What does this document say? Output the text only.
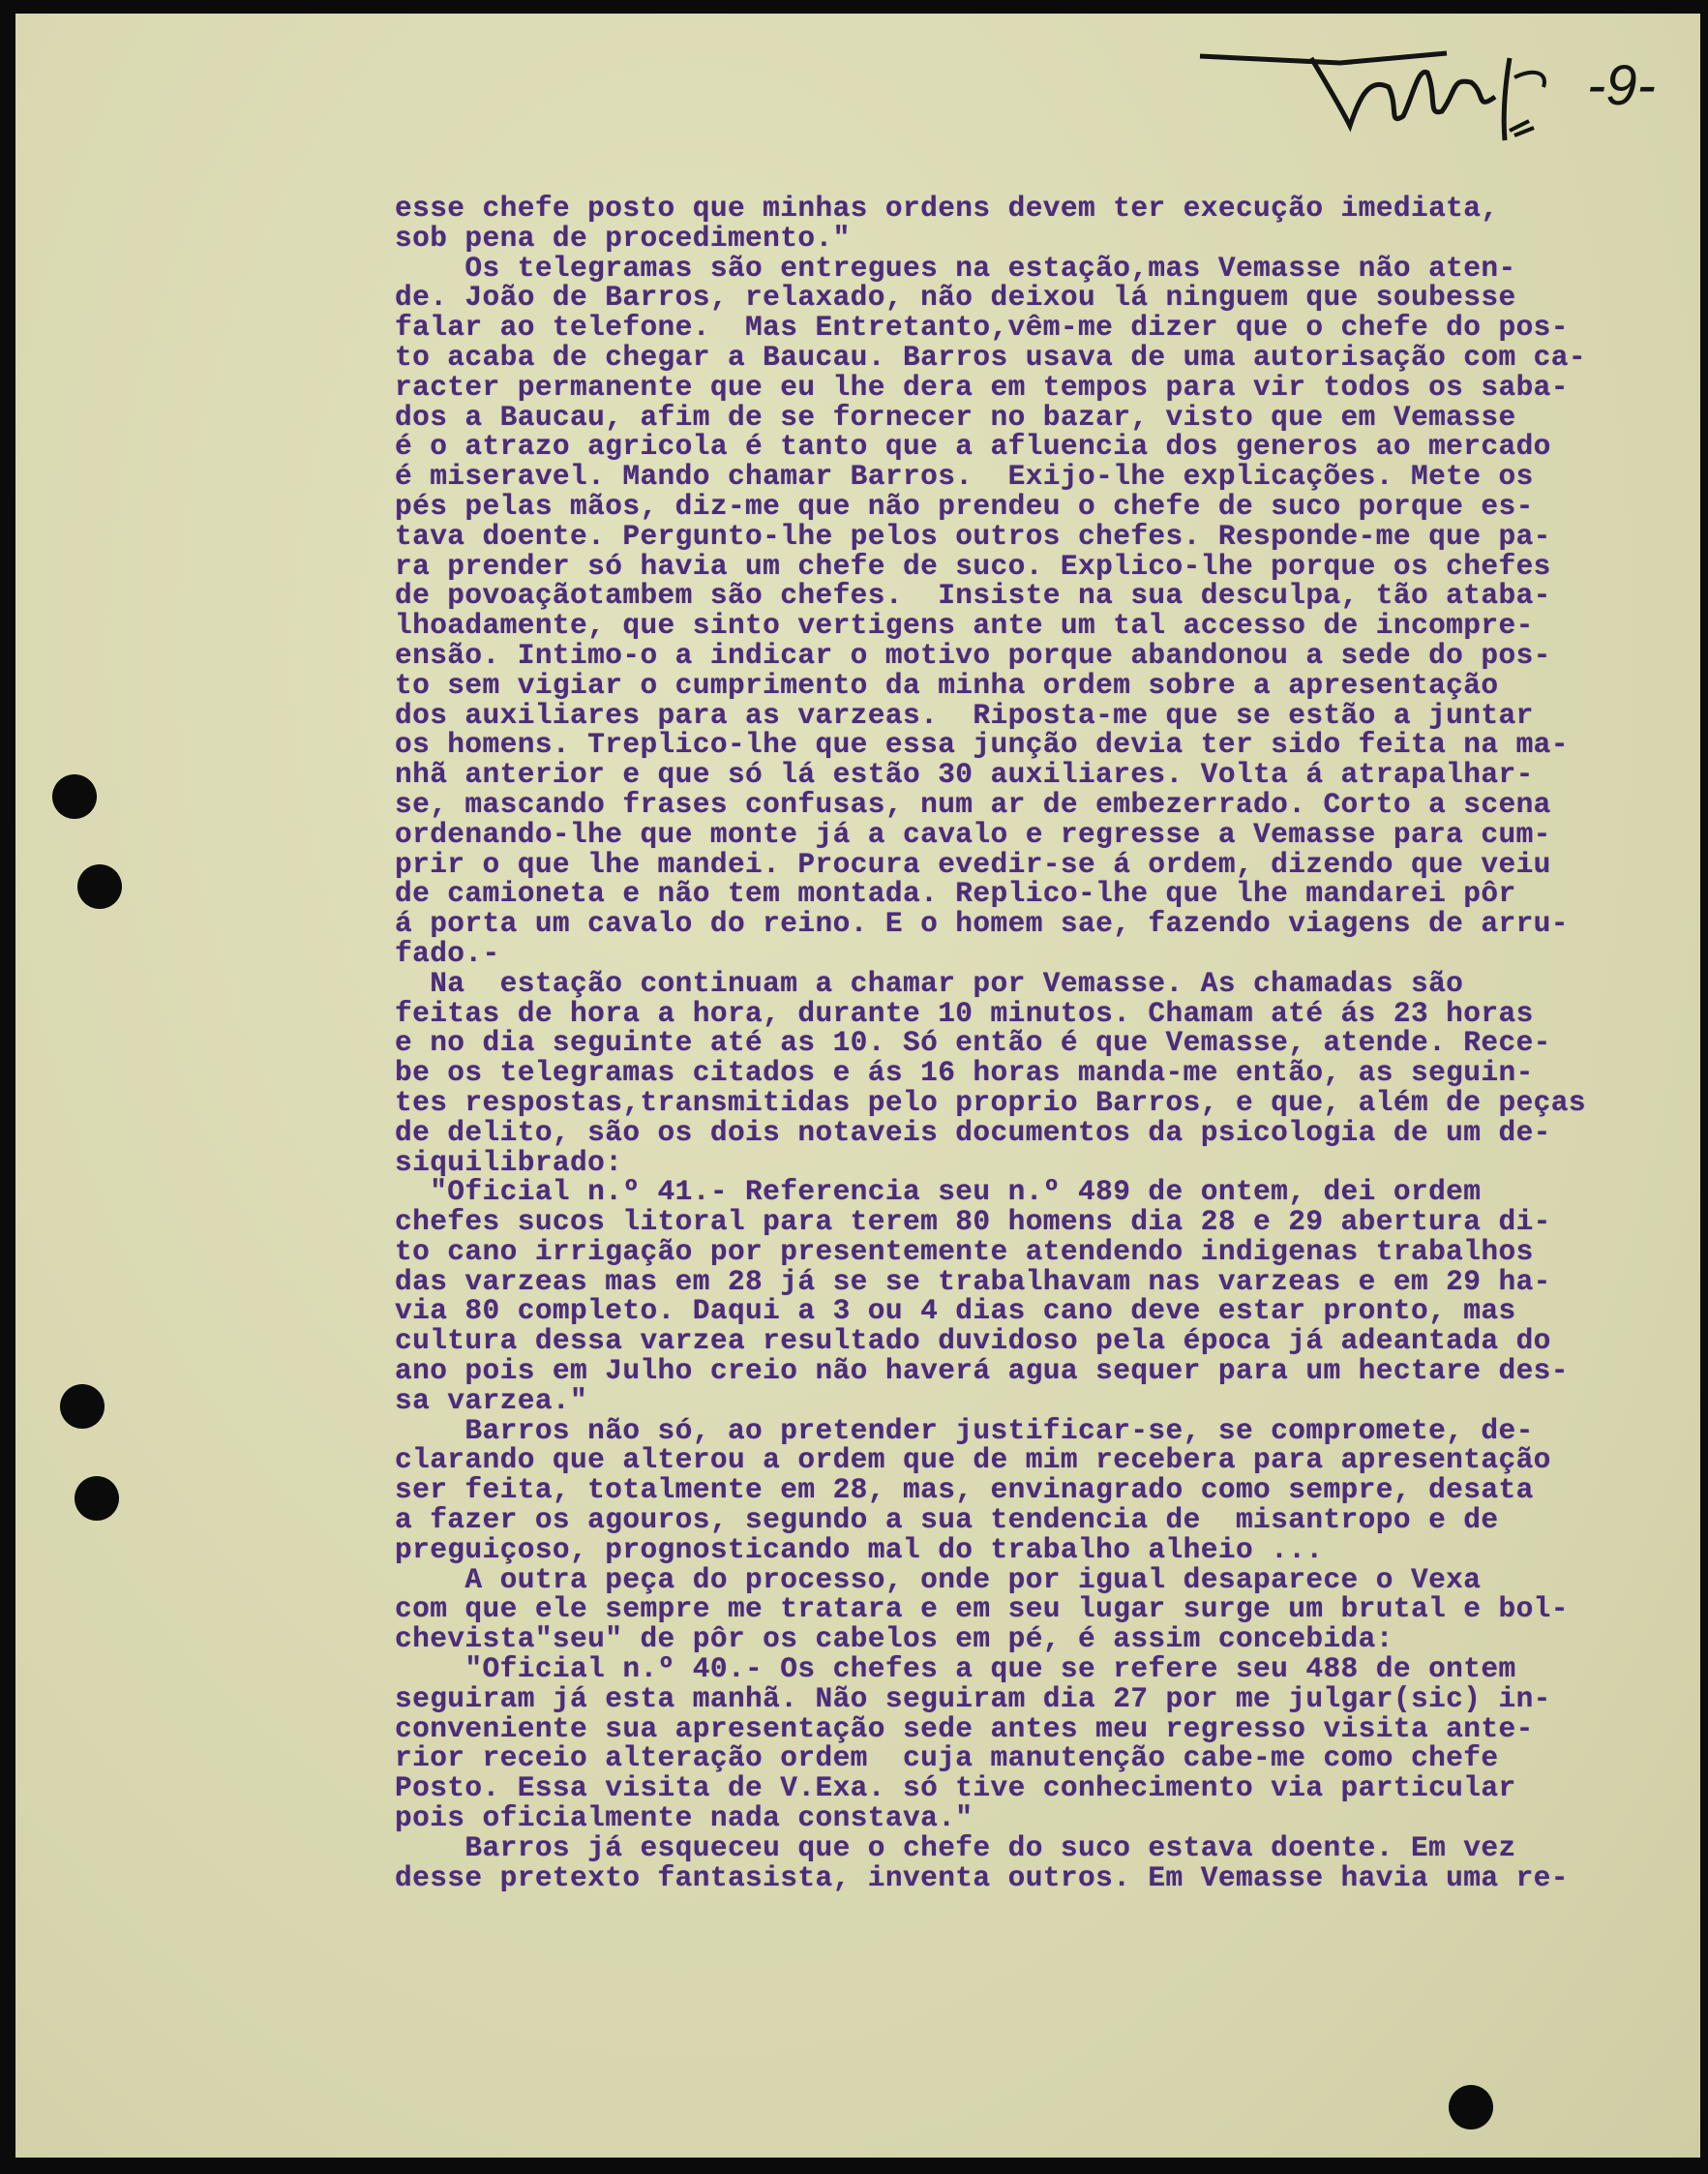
-9-
esse chefe posto que minhas ordens devem ter execução imediata,
sob pena de procedimento."
Os telegramas são entregues na estação,mas Vemasse não aten-
de. João de Barros, relaxado, não deixou lá ninguem que soubesse
falar ao telefone.  Mas Entretanto,vêm-me dizer que o chefe do pos-
to acaba de chegar a Baucau. Barros usava de uma autorisação com ca-
racter permanente que eu lhe dera em tempos para vir todos os saba-
dos a Baucau, afim de se fornecer no bazar, visto que em Vemasse
é o atrazo agricola é tanto que a afluencia dos generos ao mercado
é miseravel. Mando chamar Barros.  Exijo-lhe explicações. Mete os
pés pelas mãos, diz-me que não prendeu o chefe de suco porque es-
tava doente. Pergunto-lhe pelos outros chefes. Responde-me que pa-
ra prender só havia um chefe de suco. Explico-lhe porque os chefes
de povoaçãotambem são chefes.  Insiste na sua desculpa, tão ataba-
lhoadamente, que sinto vertigens ante um tal accesso de incompre-
ensão. Intimo-o a indicar o motivo porque abandonou a sede do pos-
to sem vigiar o cumprimento da minha ordem sobre a apresentação
dos auxiliares para as varzeas.  Riposta-me que se estão a juntar
os homens. Treplico-lhe que essa junção devia ter sido feita na ma-
nhã anterior e que só lá estão 30 auxiliares. Volta á atrapalhar-
se, mascando frases confusas, num ar de embezerrado. Corto a scena
ordenando-lhe que monte já a cavalo e regresse a Vemasse para cum-
prir o que lhe mandei. Procura evedir-se á ordem, dizendo que veiu
de camioneta e não tem montada. Replico-lhe que lhe mandarei pôr
á porta um cavalo do reino. E o homem sae, fazendo viagens de arru-
fado.-
Na  estação continuam a chamar por Vemasse. As chamadas são
feitas de hora a hora, durante 10 minutos. Chamam até ás 23 horas
e no dia seguinte até as 10. Só então é que Vemasse, atende. Rece-
be os telegramas citados e ás 16 horas manda-me então, as seguin-
tes respostas,transmitidas pelo proprio Barros, e que, além de peças
de delito, são os dois notaveis documentos da psicologia de um de-
siquilibrado:
"Oficial n.º 41.- Referencia seu n.º 489 de ontem, dei ordem
chefes sucos litoral para terem 80 homens dia 28 e 29 abertura di-
to cano irrigação por presentemente atendendo indigenas trabalhos
das varzeas mas em 28 já se se trabalhavam nas varzeas e em 29 ha-
via 80 completo. Daqui a 3 ou 4 dias cano deve estar pronto, mas
cultura dessa varzea resultado duvidoso pela época já adeantada do
ano pois em Julho creio não haverá agua sequer para um hectare des-
sa varzea."
Barros não só, ao pretender justificar-se, se compromete, de-
clarando que alterou a ordem que de mim recebera para apresentação
ser feita, totalmente em 28, mas, envinagrado como sempre, desata
a fazer os agouros, segundo a sua tendencia de  misantropo e de
preguiçoso, prognosticando mal do trabalho alheio ...
A outra peça do processo, onde por igual desaparece o Vexa
com que ele sempre me tratara e em seu lugar surge um brutal e bol-
chevista"seu" de pôr os cabelos em pé, é assim concebida:
"Oficial n.º 40.- Os chefes a que se refere seu 488 de ontem
seguiram já esta manhã. Não seguiram dia 27 por me julgar(sic) in-
conveniente sua apresentação sede antes meu regresso visita ante-
rior receio alteração ordem  cuja manutenção cabe-me como chefe
Posto. Essa visita de V.Exa. só tive conhecimento via particular
pois oficialmente nada constava."
Barros já esqueceu que o chefe do suco estava doente. Em vez
desse pretexto fantasista, inventa outros. Em Vemasse havia uma re-
